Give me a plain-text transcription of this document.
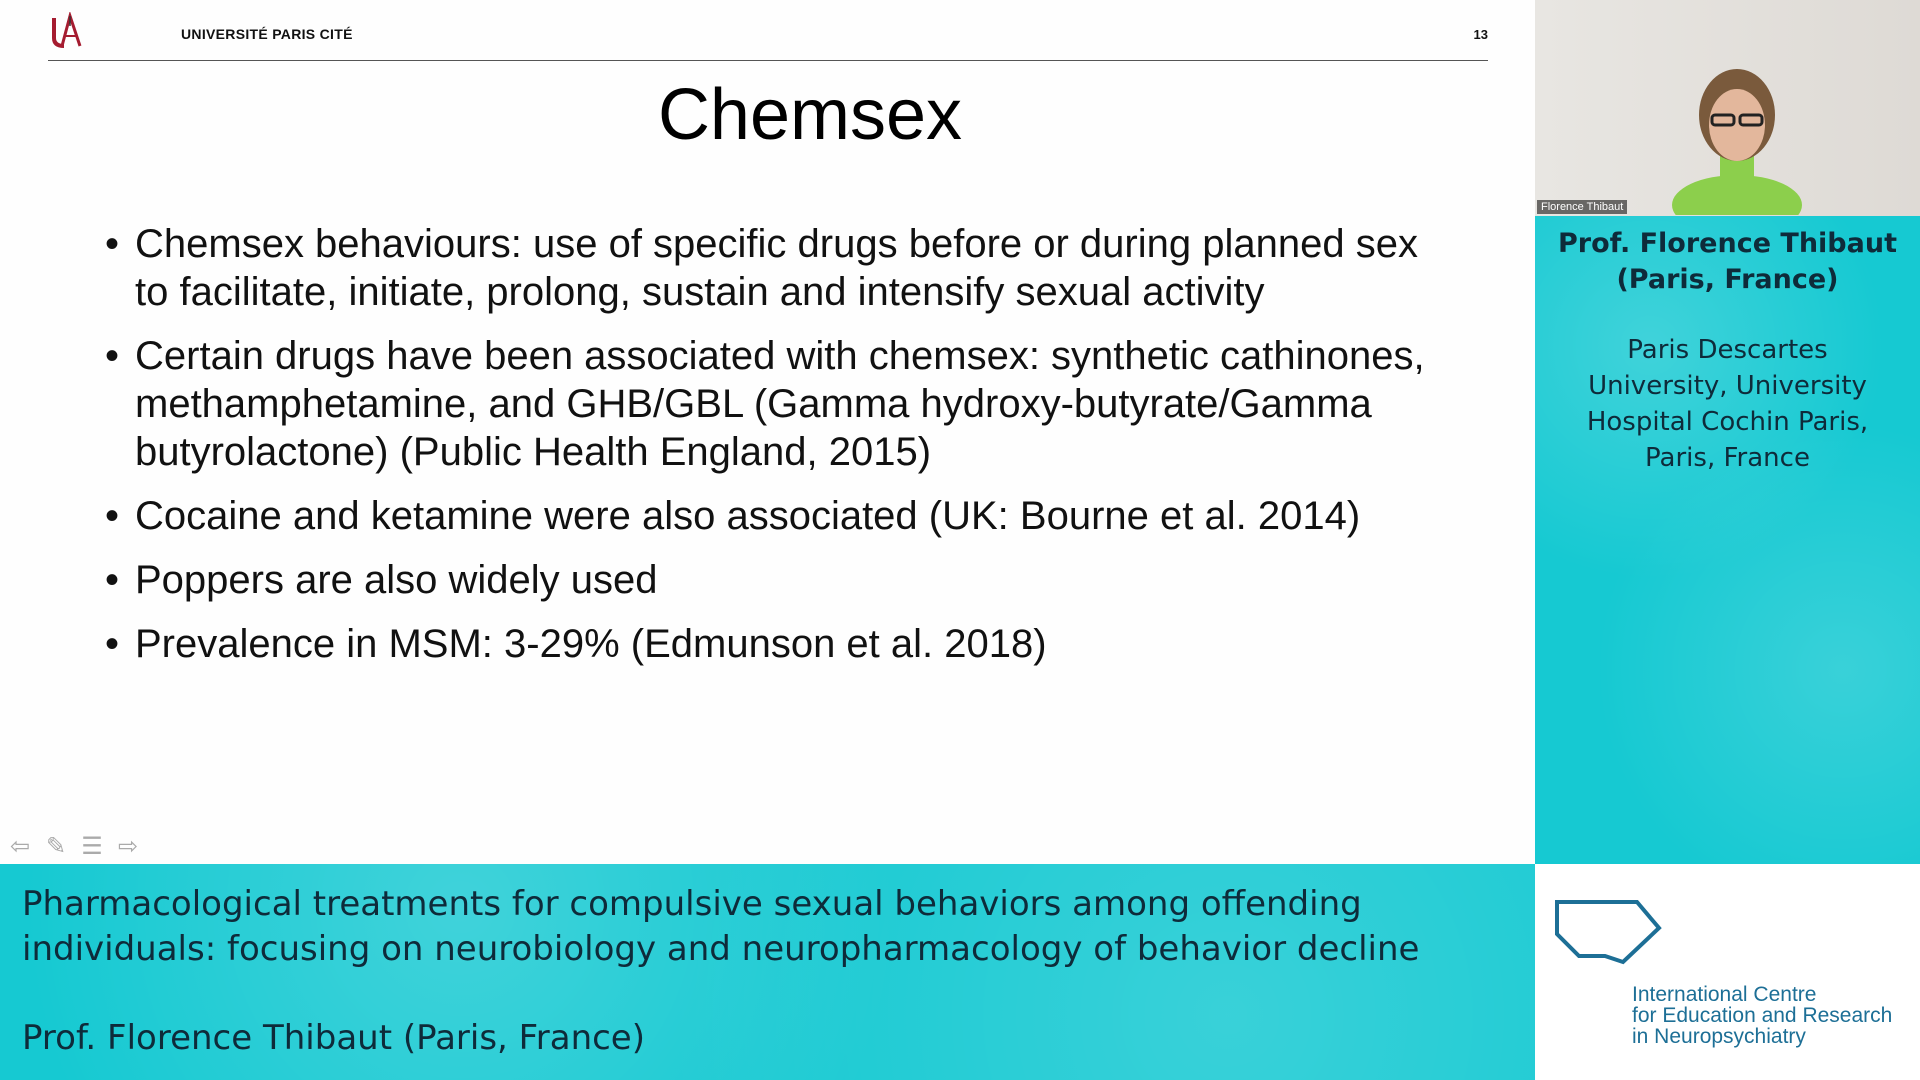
UNIVERSITÉ PARIS CITÉ	13
Chemsex
• Chemsex behaviours: use of specific drugs before or during planned sex to facilitate, initiate, prolong, sustain and intensify sexual activity
• Certain drugs have been associated with chemsex: synthetic cathinones, methamphetamine, and GHB/GBL (Gamma hydroxy-butyrate/Gamma butyrolactone) (Public Health England, 2015)
• Cocaine and ketamine were also associated (UK: Bourne et al. 2014)
• Poppers are also widely used
• Prevalence in MSM: 3-29% (Edmunson et al. 2018)
⇦ ✎ ☰ ⇨
Florence Thibaut
Prof. Florence Thibaut
(Paris, France)
Paris Descartes
University, University
Hospital Cochin Paris,
Paris, France
Pharmacological treatments for compulsive sexual behaviors among offending
individuals: focusing on neurobiology and neuropharmacology of behavior decline
Prof. Florence Thibaut (Paris, France)
International Centre
for Education and Research
in Neuropsychiatry
